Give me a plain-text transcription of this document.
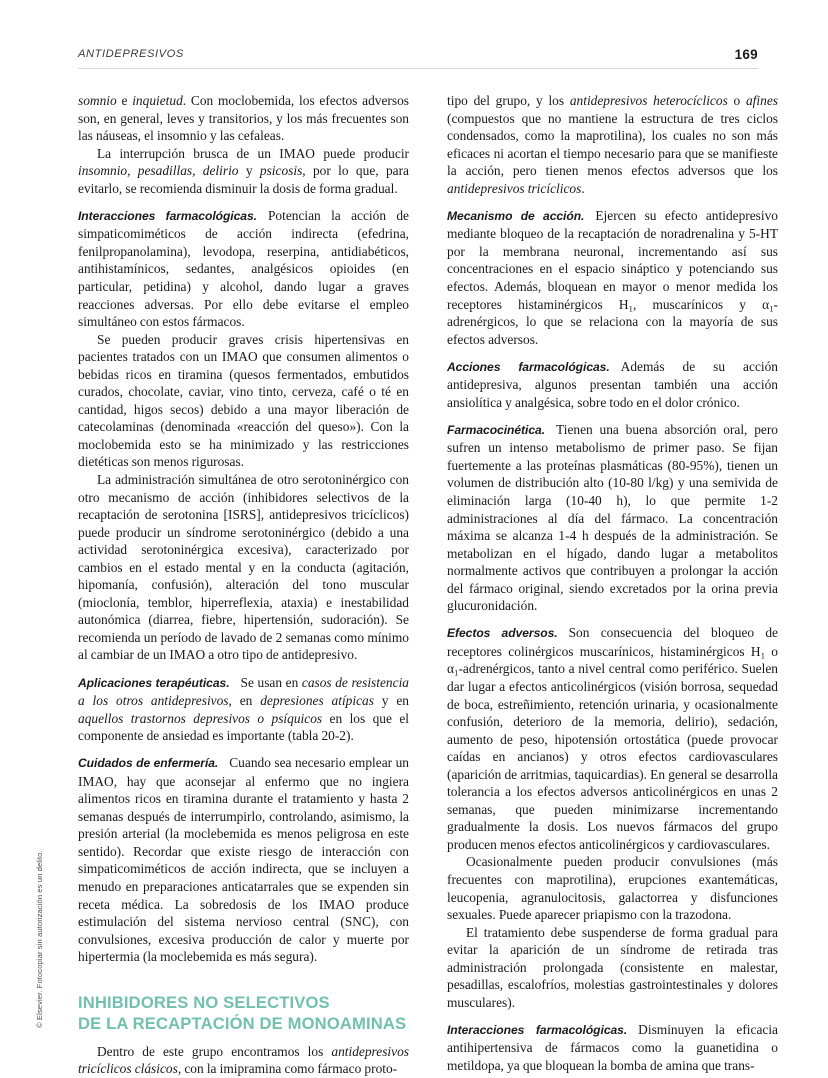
ANTIDEPRESIVOS	169
© Elsevier. Fotocopiar sin autorización es un delito.

somnio e inquietud. Con moclobemida, los efectos adversos son, en general, leves y transitorios, y los más frecuentes son las náuseas, el insomnio y las cefaleas.

La interrupción brusca de un IMAO puede producir insomnio, pesadillas, delirio y psicosis, por lo que, para evitarlo, se recomienda disminuir la dosis de forma gradual.

Interacciones farmacológicas. Potencian la acción de simpaticomiméticos de acción indirecta (efedrina, fenilpropanolamina), levodopa, reserpina, antidiabéticos, antihistamínicos, sedantes, analgésicos opioides (en particular, petidina) y alcohol, dando lugar a graves reacciones adversas. Por ello debe evitarse el empleo simultáneo con estos fármacos.

Se pueden producir graves crisis hipertensivas en pacientes tratados con un IMAO que consumen alimentos o bebidas ricos en tiramina (quesos fermentados, embutidos curados, chocolate, caviar, vino tinto, cerveza, café o té en cantidad, higos secos) debido a una mayor liberación de catecolaminas (denominada «reacción del queso»). Con la moclobemida esto se ha minimizado y las restricciones dietéticas son menos rigurosas.

La administración simultánea de otro serotoninérgico con otro mecanismo de acción (inhibidores selectivos de la recaptación de serotonina [ISRS], antidepresivos tricíclicos) puede producir un síndrome serotoninérgico (debido a una actividad serotoninérgica excesiva), caracterizado por cambios en el estado mental y en la conducta (agitación, hipomanía, confusión), alteración del tono muscular (mioclonía, temblor, hiperreflexia, ataxia) e inestabilidad autonómica (diarrea, fiebre, hipertensión, sudoración). Se recomienda un período de lavado de 2 semanas como mínimo al cambiar de un IMAO a otro tipo de antidepresivo.

Aplicaciones terapéuticas. Se usan en casos de resistencia a los otros antidepresivos, en depresiones atípicas y en aquellos trastornos depresivos o psíquicos en los que el componente de ansiedad es importante (tabla 20-2).

Cuidados de enfermería. Cuando sea necesario emplear un IMAO, hay que aconsejar al enfermo que no ingiera alimentos ricos en tiramina durante el tratamiento y hasta 2 semanas después de interrumpirlo, controlando, asimismo, la presión arterial (la moclebemida es menos peligrosa en este sentido). Recordar que existe riesgo de interacción con simpaticomiméticos de acción indirecta, que se incluyen a menudo en preparaciones anticatarrales que se expenden sin receta médica. La sobredosis de los IMAO produce estimulación del sistema nervioso central (SNC), con convulsiones, excesiva producción de calor y muerte por hipertermia (la moclebemida es más segura).

INHIBIDORES NO SELECTIVOS
DE LA RECAPTACIÓN DE MONOAMINAS

Dentro de este grupo encontramos los antidepresivos tricíclicos clásicos, con la imipramina como fármaco proto-

tipo del grupo, y los antidepresivos heterocíclicos o afines (compuestos que no mantiene la estructura de tres ciclos condensados, como la maprotilina), los cuales no son más eficaces ni acortan el tiempo necesario para que se manifieste la acción, pero tienen menos efectos adversos que los antidepresivos tricíclicos.

Mecanismo de acción. Ejercen su efecto antidepresivo mediante bloqueo de la recaptación de noradrenalina y 5-HT por la membrana neuronal, incrementando así sus concentraciones en el espacio sináptico y potenciando sus efectos. Además, bloquean en mayor o menor medida los receptores histaminérgicos $H_1$, muscarínicos y $\alpha_1$-adrenérgicos, lo que se relaciona con la mayoría de sus efectos adversos.

Acciones farmacológicas. Además de su acción antidepresiva, algunos presentan también una acción ansiolítica y analgésica, sobre todo en el dolor crónico.

Farmacocinética. Tienen una buena absorción oral, pero sufren un intenso metabolismo de primer paso. Se fijan fuertemente a las proteínas plasmáticas (80-95%), tienen un volumen de distribución alto (10-80 l/kg) y una semivida de eliminación larga (10-40 h), lo que permite 1-2 administraciones al día del fármaco. La concentración máxima se alcanza 1-4 h después de la administración. Se metabolizan en el hígado, dando lugar a metabolitos normalmente activos que contribuyen a prolongar la acción del fármaco original, siendo excretados por la orina previa glucuronidación.

Efectos adversos. Son consecuencia del bloqueo de receptores colinérgicos muscarínicos, histaminérgicos $H_1$ o $\alpha_1$-adrenérgicos, tanto a nivel central como periférico. Suelen dar lugar a efectos anticolinérgicos (visión borrosa, sequedad de boca, estreñimiento, retención urinaria, y ocasionalmente confusión, deterioro de la memoria, delirio), sedación, aumento de peso, hipotensión ortostática (puede provocar caídas en ancianos) y otros efectos cardiovasculares (aparición de arritmias, taquicardias). En general se desarrolla tolerancia a los efectos adversos anticolinérgicos en unas 2 semanas, que pueden minimizarse incrementando gradualmente la dosis. Los nuevos fármacos del grupo producen menos efectos anticolinérgicos y cardiovasculares.

Ocasionalmente pueden producir convulsiones (más frecuentes con maprotilina), erupciones exantemáticas, leucopenia, agranulocitosis, galactorrea y disfunciones sexuales. Puede aparecer priapismo con la trazodona.

El tratamiento debe suspenderse de forma gradual para evitar la aparición de un síndrome de retirada tras administración prolongada (consistente en malestar, pesadillas, escalofríos, molestias gastrointestinales y dolores musculares).

Interacciones farmacológicas. Disminuyen la eficacia antihipertensiva de fármacos como la guanetidina o metildopa, ya que bloquean la bomba de amina que trans-
